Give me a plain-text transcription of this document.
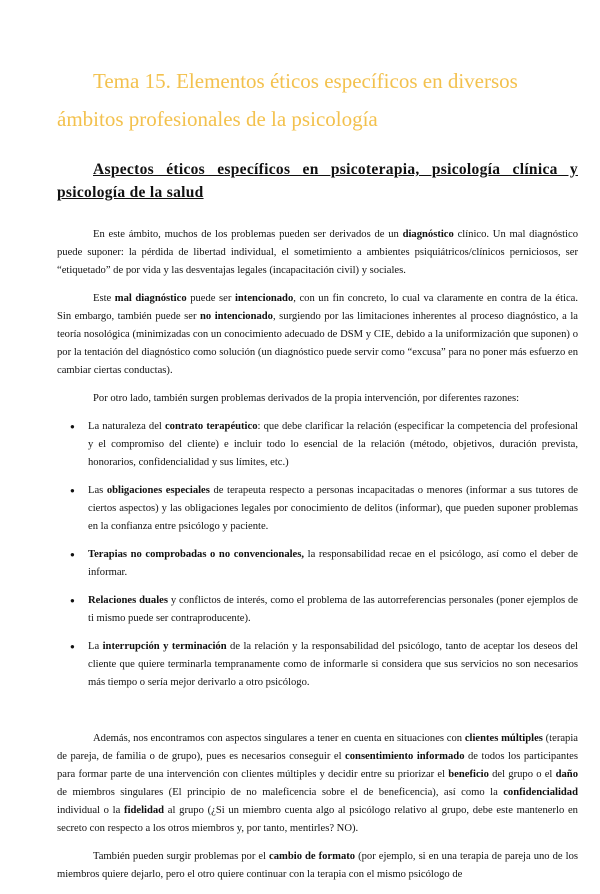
Tema 15. Elementos éticos específicos en diversos ámbitos profesionales de la psicología
Aspectos éticos específicos en psicoterapia, psicología clínica y psicología de la salud

En este ámbito, muchos de los problemas pueden ser derivados de un diagnóstico clínico. Un mal diagnóstico puede suponer: la pérdida de libertad individual, el sometimiento a ambientes psiquiátricos/clínicos perniciosos, ser “etiquetado” de por vida y las desventajas legales (incapacitación civil) y sociales.

Este mal diagnóstico puede ser intencionado, con un fin concreto, lo cual va claramente en contra de la ética. Sin embargo, también puede ser no intencionado, surgiendo por las limitaciones inherentes al proceso diagnóstico, a la teoría nosológica (minimizadas con un conocimiento adecuado de DSM y CIE, debido a la uniformización que suponen) o por la tentación del diagnóstico como solución (un diagnóstico puede servir como “excusa” para no poner más esfuerzo en cambiar ciertas conductas).

Por otro lado, también surgen problemas derivados de la propia intervención, por diferentes razones:

● La naturaleza del contrato terapéutico: que debe clarificar la relación (especificar la competencia del profesional y el compromiso del cliente) e incluir todo lo esencial de la relación (método, objetivos, duración prevista, honorarios, confidencialidad y sus límites, etc.)
● Las obligaciones especiales de terapeuta respecto a personas incapacitadas o menores (informar a sus tutores de ciertos aspectos) y las obligaciones legales por conocimiento de delitos (informar), que pueden suponer problemas en la confianza entre psicólogo y paciente.
● Terapias no comprobadas o no convencionales, la responsabilidad recae en el psicólogo, así como el deber de informar.
● Relaciones duales y conflictos de interés, como el problema de las autorreferencias personales (poner ejemplos de ti mismo puede ser contraproducente).
● La interrupción y terminación de la relación y la responsabilidad del psicólogo, tanto de aceptar los deseos del cliente que quiere terminarla tempranamente como de informarle si considera que sus servicios no son necesarios más tiempo o sería mejor derivarlo a otro psicólogo.

Además, nos encontramos con aspectos singulares a tener en cuenta en situaciones con clientes múltiples (terapia de pareja, de familia o de grupo), pues es necesarios conseguir el consentimiento informado de todos los participantes para formar parte de una intervención con clientes múltiples y decidir entre su priorizar el beneficio del grupo o el daño de miembros singulares (El principio de no maleficencia sobre el de beneficencia), así como la confidencialidad individual o la fidelidad al grupo (¿Si un miembro cuenta algo al psicólogo relativo al grupo, debe este mantenerlo en secreto con respecto a los otros miembros y, por tanto, mentirles? NO).

También pueden surgir problemas por el cambio de formato (por ejemplo, si en una terapia de pareja uno de los miembros quiere dejarlo, pero el otro quiere continuar con la terapia con el mismo psicólogo de
